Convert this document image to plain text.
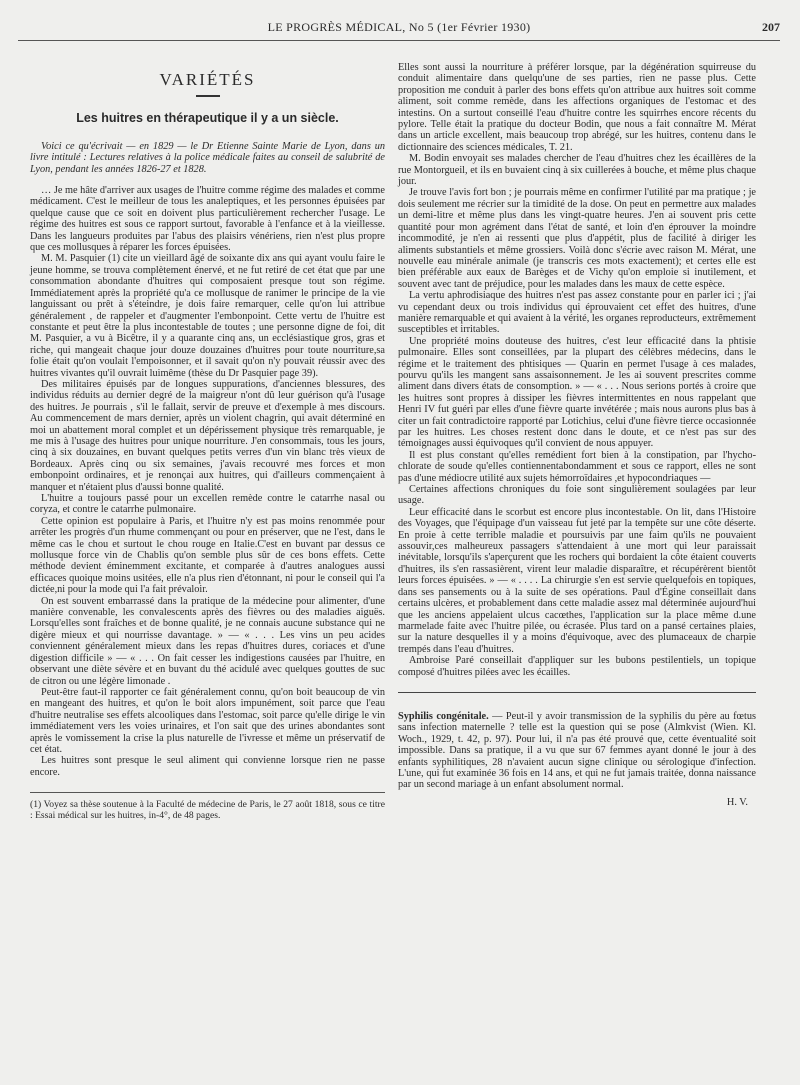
LE PROGRÈS MÉDICAL, No 5 (1er Février 1930)	207
VARIÉTÉS
Les huitres en thérapeutique il y a un siècle.

Voici ce qu'écrivait — en 1829 — le Dr Etienne Sainte Marie de Lyon, dans un livre intitulé : Lectures relatives à la police médicale faites au conseil de salubrité de Lyon, pendant les années 1826-27 et 1828.

… Je me hâte d'arriver aux usages de l'huitre comme régime des malades et comme médicament. C'est le meilleur de tous les analeptiques, et les personnes épuisées par quelque cause que ce soit en doivent plus particulièrement rechercher l'usage. Le régime des huitres est sous ce rapport surtout, favorable à l'enfance et à la vieillesse. Dans les langueurs produites par l'abus des plaisirs vénériens, rien n'est plus propre que ces mollusques à réparer les forces épuisées.

M. M. Pasquier (1) cite un vieillard âgé de soixante dix ans qui ayant voulu faire le jeune homme, se trouva complètement énervé, et ne fut retiré de cet état que par une consommation abondante d'huitres qui composaient presque tout son régime. Immédiatement après la propriété qu'a ce mollusque de ranimer le principe de la vie languissant ou prêt à s'éteindre, je dois faire remarquer, celle qu'on lui attribue généralement , de rappeler et d'augmenter l'embonpoint. Cette vertu de l'huitre est constante et peut être la plus incontestable de toutes ; une personne digne de foi, dit M. Pasquier, a vu à Bicêtre, il y a quarante cinq ans, un ecclésiastique gros, gras et riche, qui mangeait chaque jour douze douzaines d'huitres pour toute nourriture,sa folie était qu'on voulait l'empoisonner, et il savait qu'on n'y pouvait réussir avec des huitres vivantes qu'il ouvrait luimême (thèse du Dr Pasquier page 39).

Des militaires épuisés par de longues suppurations, d'anciennes blessures, des individus réduits au dernier degré de la maigreur n'ont dû leur guérison qu'à l'usage des huitres. Je pourrais , s'il le fallait, servir de preuve et d'exemple à mes discours. Au commencement de mars dernier, après un violent chagrin, qui avait déterminé en moi un abattement moral complet et un dépérissement physique très remarquable, je me mis à l'usage des huitres pour unique nourriture. J'en consommais, tous les jours, cinq à six douzaines, en buvant quelques petits verres d'un vin blanc très vieux de Bordeaux. Après cinq ou six semaines, j'avais recouvré mes forces et mon embonpoint ordinaires, et je renonçai aux huitres, qui d'ailleurs commençaient à manquer et n'étaient plus d'aussi bonne qualité.

L'huitre a toujours passé pour un excellen remède contre le catarrhe nasal ou coryza, et contre le catarrhe pulmonaire.

Cette opinion est populaire à Paris, et l'huitre n'y est pas moins renommée pour arrêter les progrès d'un rhume commençant ou pour en préserver, que ne l'est, dans le même cas le chou et surtout le chou rouge en Italie.C'est en buvant par dessus ce mollusque force vin de Chablis qu'on semble plus sûr de ces bons effets. Cette méthode devient éminemment excitante, et comparée à d'autres analogues aussi efficaces quoique moins usitées, elle n'a plus rien d'étonnant, ni pour le conseil qui l'a dictée,ni pour la mode qui l'a fait prévaloir.

On est souvent embarrassé dans la pratique de la médecine pour alimenter, d'une manière convenable, les convalescents après des fièvres ou des maladies aiguës. Lorsqu'elles sont fraîches et de bonne qualité, je ne connais aucune substance qui ne digère mieux et qui nourrisse davantage. » — « . . . Les vins un peu acides conviennent généralement mieux dans les repas d'huitres dures, coriaces et d'une digestion difficile » — « . . . On fait cesser les indigestions causées par l'huitre, en observant une diète sévère et en buvant du thé acidulé avec quelques gouttes de suc de citron ou une légère limonade .

Peut-être faut-il rapporter ce fait généralement connu, qu'on boit beaucoup de vin en mangeant des huitres, et qu'on le boit alors impunément, soit parce que l'eau d'huitre neutralise ses effets alcooliques dans l'estomac, soit parce qu'elle dirige le vin immédiatement vers les voies urinaires, et l'on sait que des urines abondantes sont après le vomissement la crise la plus naturelle de l'ivresse et même un préservatif de cet état.

Les huitres sont presque le seul aliment qui convienne lorsque rien ne passe encore.

(1) Voyez sa thèse soutenue à la Faculté de médecine de Paris, le 27 août 1818, sous ce titre : Essai médical sur les huitres, in-4°, de 48 pages.

Elles sont aussi la nourriture à préférer lorsque, par la dégénération squirreuse du conduit alimentaire dans quelqu'une de ses parties, rien ne passe plus. Cette proposition me conduit à parler des bons effets qu'on attribue aux huitres soit comme aliment, soit comme remède, dans les affections organiques de l'estomac et des intestins. On a surtout conseillé l'eau d'huitre contre les squirrhes encore récents du pylore. Telle était la pratique du docteur Bodin, que nous a fait connaître M. Mérat dans un article excellent, mais beaucoup trop abrégé, sur les huitres, contenu dans le dictionnaire des sciences médicales, T. 21.

M. Bodin envoyait ses malades chercher de l'eau d'huitres chez les écaillères de la rue Montorgueil, et ils en buvaient cinq à six cuillerées à bouche, et même plus chaque jour.

Je trouve l'avis fort bon ; je pourrais même en confirmer l'utilité par ma pratique ; je dois seulement me récrier sur la timidité de la dose. On peut en permettre aux malades un demi-litre et même plus dans les vingt-quatre heures. J'en ai souvent pris cette quantité pour mon agrément dans l'état de santé, et loin d'en éprouver la moindre incommodité, je n'en ai ressenti que plus d'appétit, plus de facilité à diriger les aliments substantiels et même grossiers. Voilà donc s'écrie avec raison M. Mérat, une nouvelle eau minérale animale (je transcris ces mots exactement); et certes elle est bien préférable aux eaux de Barèges et de Vichy qu'on emploie si inutilement, et souvent avec tant de préjudice, pour les malades dans les maux de cette espèce.

La vertu aphrodisiaque des huitres n'est pas assez constante pour en parler ici ; j'ai vu cependant deux ou trois individus qui éprouvaient cet effet des huitres, d'une manière remarquable et qui avaient à la vérité, les organes reproducteurs, extrêmement susceptibles et irritables.

Une propriété moins douteuse des huitres, c'est leur efficacité dans la phtisie pulmonaire. Elles sont conseillées, par la plupart des célèbres médecins, dans le régime et le traitement des phtisiques — Quarin en permet l'usage à ces malades, pourvu qu'ils les mangent sans assaisonnement. Je les ai souvent prescrites comme aliment dans divers états de consomption. » — « . . . Nous serions portés à croire que les huitres sont propres à dissiper les fièvres intermittentes en nous rappelant que Henri IV fut guéri par elles d'une fièvre quarte invétérée ; mais nous aurons plus bas à citer un fait contradictoire rapporté par Lotichius, celui d'une fièvre tierce occasionnée par les huitres. Les choses restent donc dans le doute, et ce n'est pas sur des témoignages aussi équivoques qu'il convient de nous appuyer.

Il est plus constant qu'elles remédient fort bien à la constipation, par l'hycho-chlorate de soude qu'elles contiennentabondamment et sous ce rapport, elles ne sont pas d'une médiocre utilité aux sujets hémorroïdaires ,et hypocondriaques —

Certaines affections chroniques du foie sont singulièrement soulagées par leur usage.

Leur efficacité dans le scorbut est encore plus incontestable. On lit, dans l'Histoire des Voyages, que l'équipage d'un vaisseau fut jeté par la tempête sur une côte déserte. En proie à cette terrible maladie et poursuivis par une faim qu'ils ne pouvaient assouvir,ces malheureux passagers s'attendaient à une mort qui leur paraissait inévitable, lorsqu'ils s'aperçurent que les rochers qui bordaient la côte étaient couverts d'huitres, ils s'en rassasièrent, virent leur maladie disparaître, et récupérèrent bientôt leurs forces épuisées. » — « . . . . La chirurgie s'en est servie quelquefois en topiques, dans ses pansements ou à la suite de ses opérations. Paul d'Égine conseillait dans certains ulcères, et probablement dans cette maladie assez mal déterminée aujourd'hui que les anciens appelaient ulcus cacœthes, l'application sur la place même d.une marmelade faite avec l'huitre pilée, ou écrasée. Plus tard on a pansé certaines plaies, sur la nature desquelles il y a moins d'équivoque, avec des plumaceaux de charpie trempés dans l'eau d'huitres.

Ambroise Paré conseillait d'appliquer sur les bubons pestilentiels, un topique composé d'huitres pilées avec les écailles.

Syphilis congénitale. — Peut-il y avoir transmission de la syphilis du père au fœtus sans infection maternelle ? telle est la question qui se pose (Almkvist (Wien. Kl. Woch., 1929, t. 42, p. 97). Pour lui, il n'a pas été prouvé que, cette éventualité soit impossible. Dans sa pratique, il a vu que sur 67 femmes ayant donné le jour à des enfants syphilitiques, 28 n'avaient aucun signe clinique ou sérologique d'infection. L'une, qui fut examinée 36 fois en 14 ans, et qui ne fut jamais traitée, donna naissance par un second mariage à un enfant absolument normal.

H. V.
